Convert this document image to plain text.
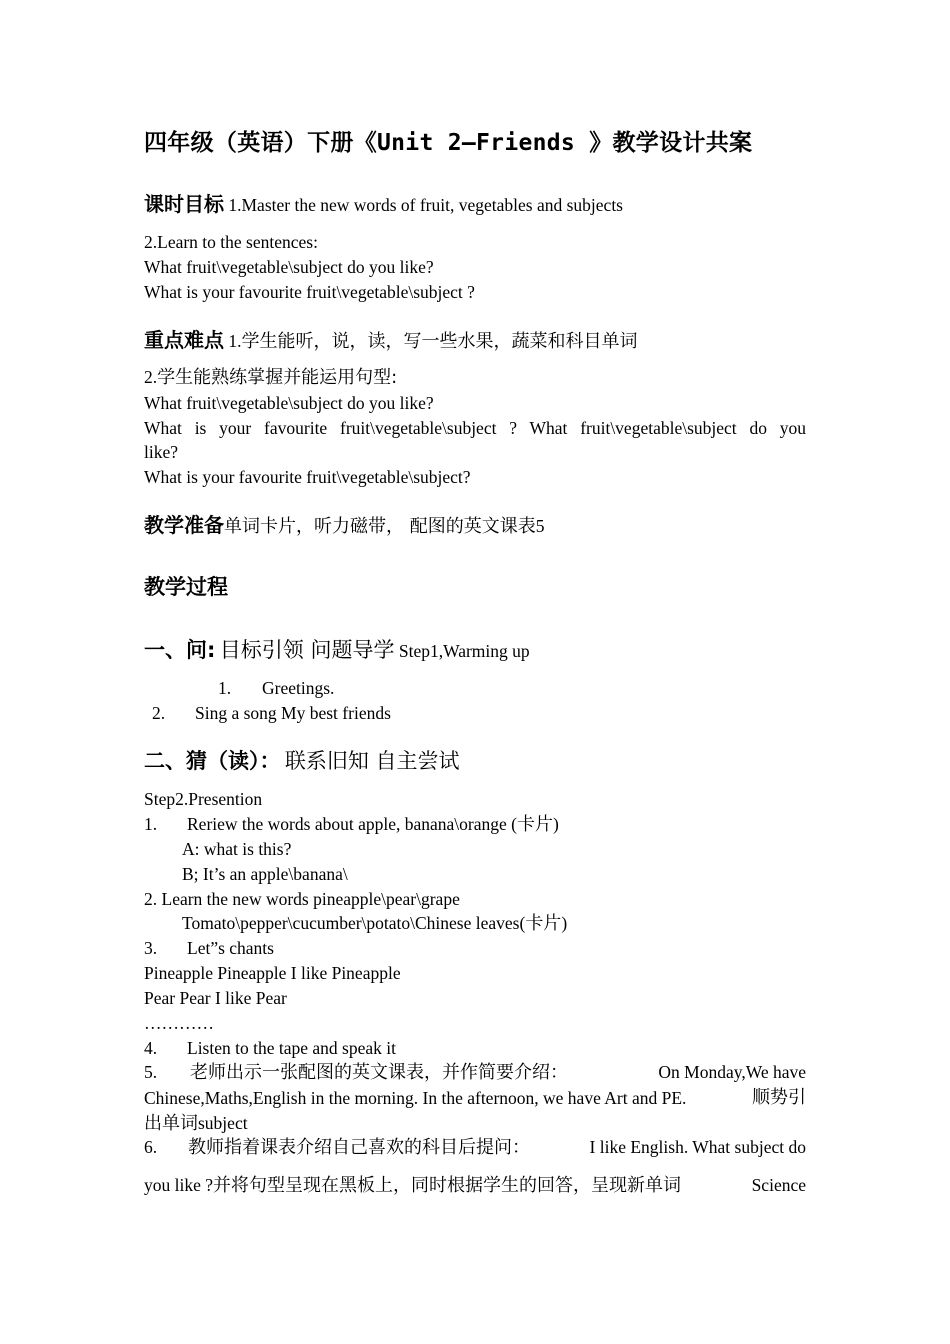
四年级（英语）下册《Unit 2—Friends 》教学设计共案
课时目标 1.Master the new words of fruit, vegetables and subjects
2.Learn to the sentences:
What fruit\vegetable\subject do you like?
What is your favourite fruit\vegetable\subject ?
重点难点 1.学生能听，说，读，写一些水果，蔬菜和科目单词
2.学生能熟练掌握并能运用句型:
What fruit\vegetable\subject do you like?
What is your favourite fruit\vegetable\subject ? What fruit\vegetable\subject do you
like?
What is your favourite fruit\vegetable\subject?
教学准备单词卡片，听力磁带， 配图的英文课表5
教学过程
一、问: 目标引领 问题导学 Step1,Warming up
1. Greetings.
2. Sing a song My best friends
二、猜（读）： 联系旧知 自主尝试
Step2.Presention
1. Reriew the words about apple, banana\orange (卡片)
A: what is this?
B; It’s an apple\banana\
2. Learn the new words pineapple\pear\grape
Tomato\pepper\cucumber\potato\Chinese leaves(卡片)
3. Let”s chants
Pineapple Pineapple I like Pineapple
Pear Pear I like Pear
…………
4. Listen to the tape and speak it
5. 老师出示一张配图的英文课表，并作简要介绍：	On Monday,We have
Chinese,Maths,English in the morning. In the afternoon, we have Art and PE.	顺势引
出单词subject
6. 教师指着课表介绍自己喜欢的科目后提问：	I like English. What subject do
you like ?并将句型呈现在黑板上，同时根据学生的回答，呈现新单词	Science
